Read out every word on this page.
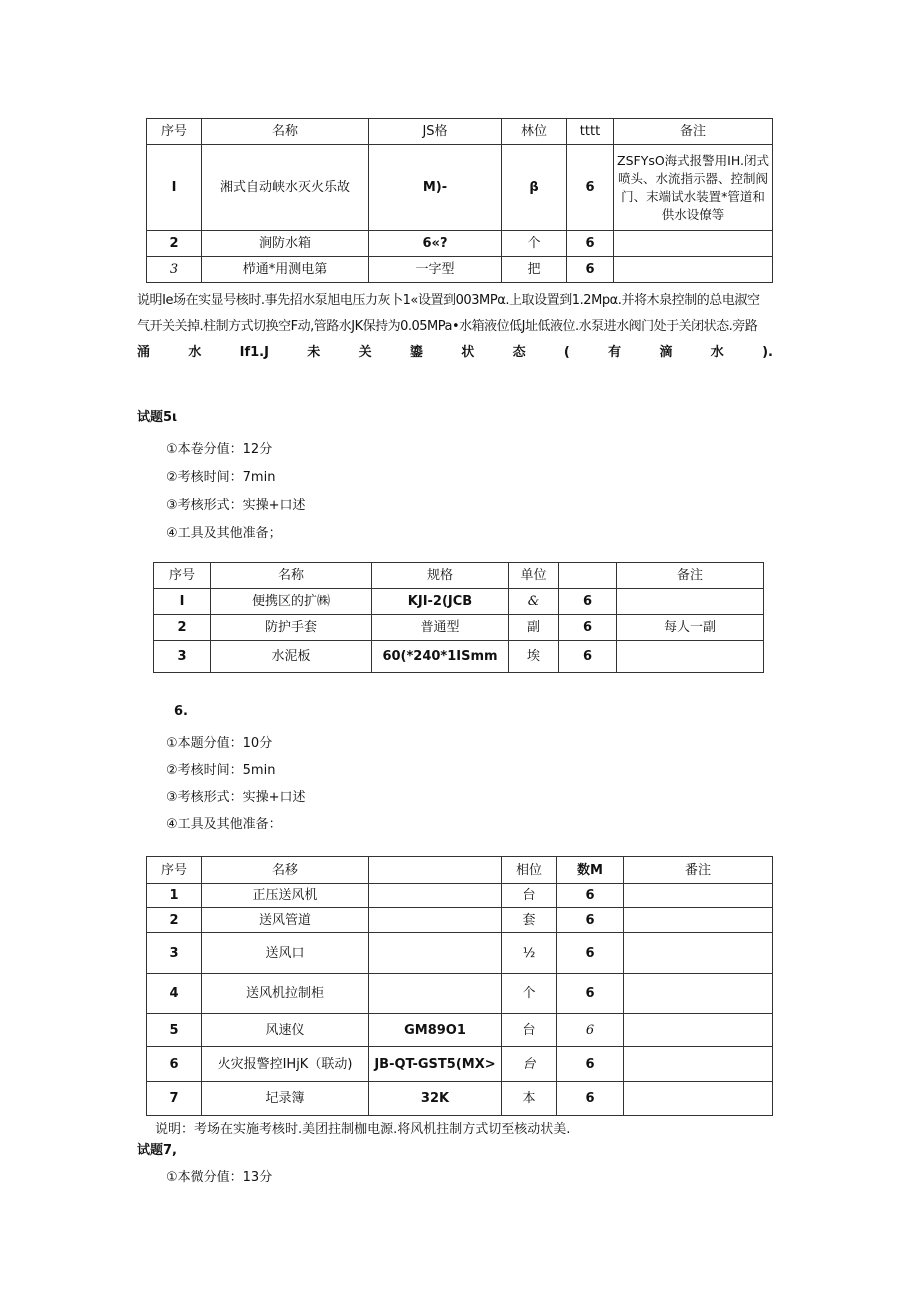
序号	名称	JS格	林位	tttt	备注
I	湘式自动峡水灭火乐故	M)-	β	6	ZSFYsO海式报警用IH.闭式喷头、水流指示器、控制阀门、末端试水装置*管道和供水设僚等
2	涧防水箱	6«?	个	6	
3	栉通*用测电第	一字型	把	6	
说明Ie场在实显号核时.事先招水泵旭电压力灰卜1«设置到003MPα.上取设置到1.2Mpα.并将木泉控制的总电淑空
气开关关掉.柱制方式切换空F动,管路水JK保持为0.05MPa•水箱液位低J址低液位.水泵进水阀门处于关闭状态.旁路
涌水If1.J未关鎏状态(有滴水).
试题5ι
①本卷分值：12分
②考核时间：7min
③考核形式：实操+口述
④工具及其他准备；
序号	名称	规格	单位		备注
I	便携区的扩㈱	KJI-2(JCB	&	6	
2	防护手套	普通型	副	6	每人一副
3	水泥板	60(*240*1ISmm	埃	6	
6.
①本题分值：10分
②考核时间：5min
③考核形式：实操+口述
④工具及其他准备：
序号	名移		相位	数M	番注
1	正压送风机		台	6	
2	送风管道		套	6	
3	送风口		½	6	
4	送风机拉制柜		个	6	
5	风速仪	GM89O1	台	6	
6	火灾报警控IHjK（联动)	JB-QT-GST5(MX>	台	6	
7	圮录簿	32K	本	6	
说明：考场在实施考核时.美团拄制枷电源.将风机拄制方式切至核动状美.
试题7,
①本微分值：13分
